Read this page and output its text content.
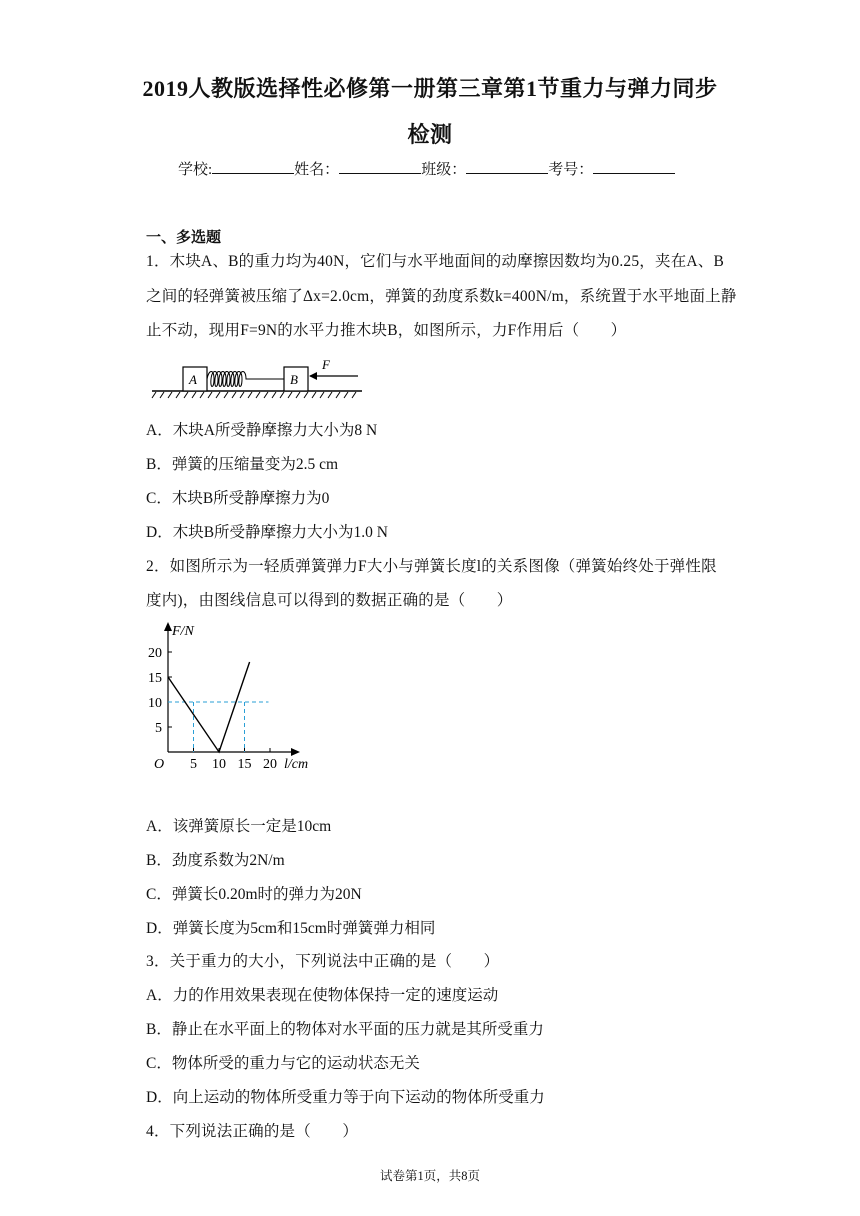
2019人教版选择性必修第一册第三章第1节重力与弹力同步
检测
学校:	姓名：	班级：	考号：
一、多选题
1．木块A、B的重力均为40N，它们与水平地面间的动摩擦因数均为0.25，夹在A、B
之间的轻弹簧被压缩了Δx=2.0cm，弹簧的劲度系数k=400N/m，系统置于水平地面上静
止不动，现用F=9N的水平力推木块B，如图所示，力F作用后（　　）
A	B
F
A．木块A所受静摩擦力大小为8 N
B．弹簧的压缩量变为2.5 cm
C．木块B所受静摩擦力为0
D．木块B所受静摩擦力大小为1.0 N
2．如图所示为一轻质弹簧弹力F大小与弹簧长度l的关系图像（弹簧始终处于弹性限
度内)，由图线信息可以得到的数据正确的是（　　）
F/N
l/cm
O
5
10
15
20
5 10 15 20
A．该弹簧原长一定是10cm
B．劲度系数为2N/m
C．弹簧长0.20m时的弹力为20N
D．弹簧长度为5cm和15cm时弹簧弹力相同
3．关于重力的大小，下列说法中正确的是（　　）
A．力的作用效果表现在使物体保持一定的速度运动
B．静止在水平面上的物体对水平面的压力就是其所受重力
C．物体所受的重力与它的运动状态无关
D．向上运动的物体所受重力等于向下运动的物体所受重力
4．下列说法正确的是（　　）
试卷第1页，共8页
